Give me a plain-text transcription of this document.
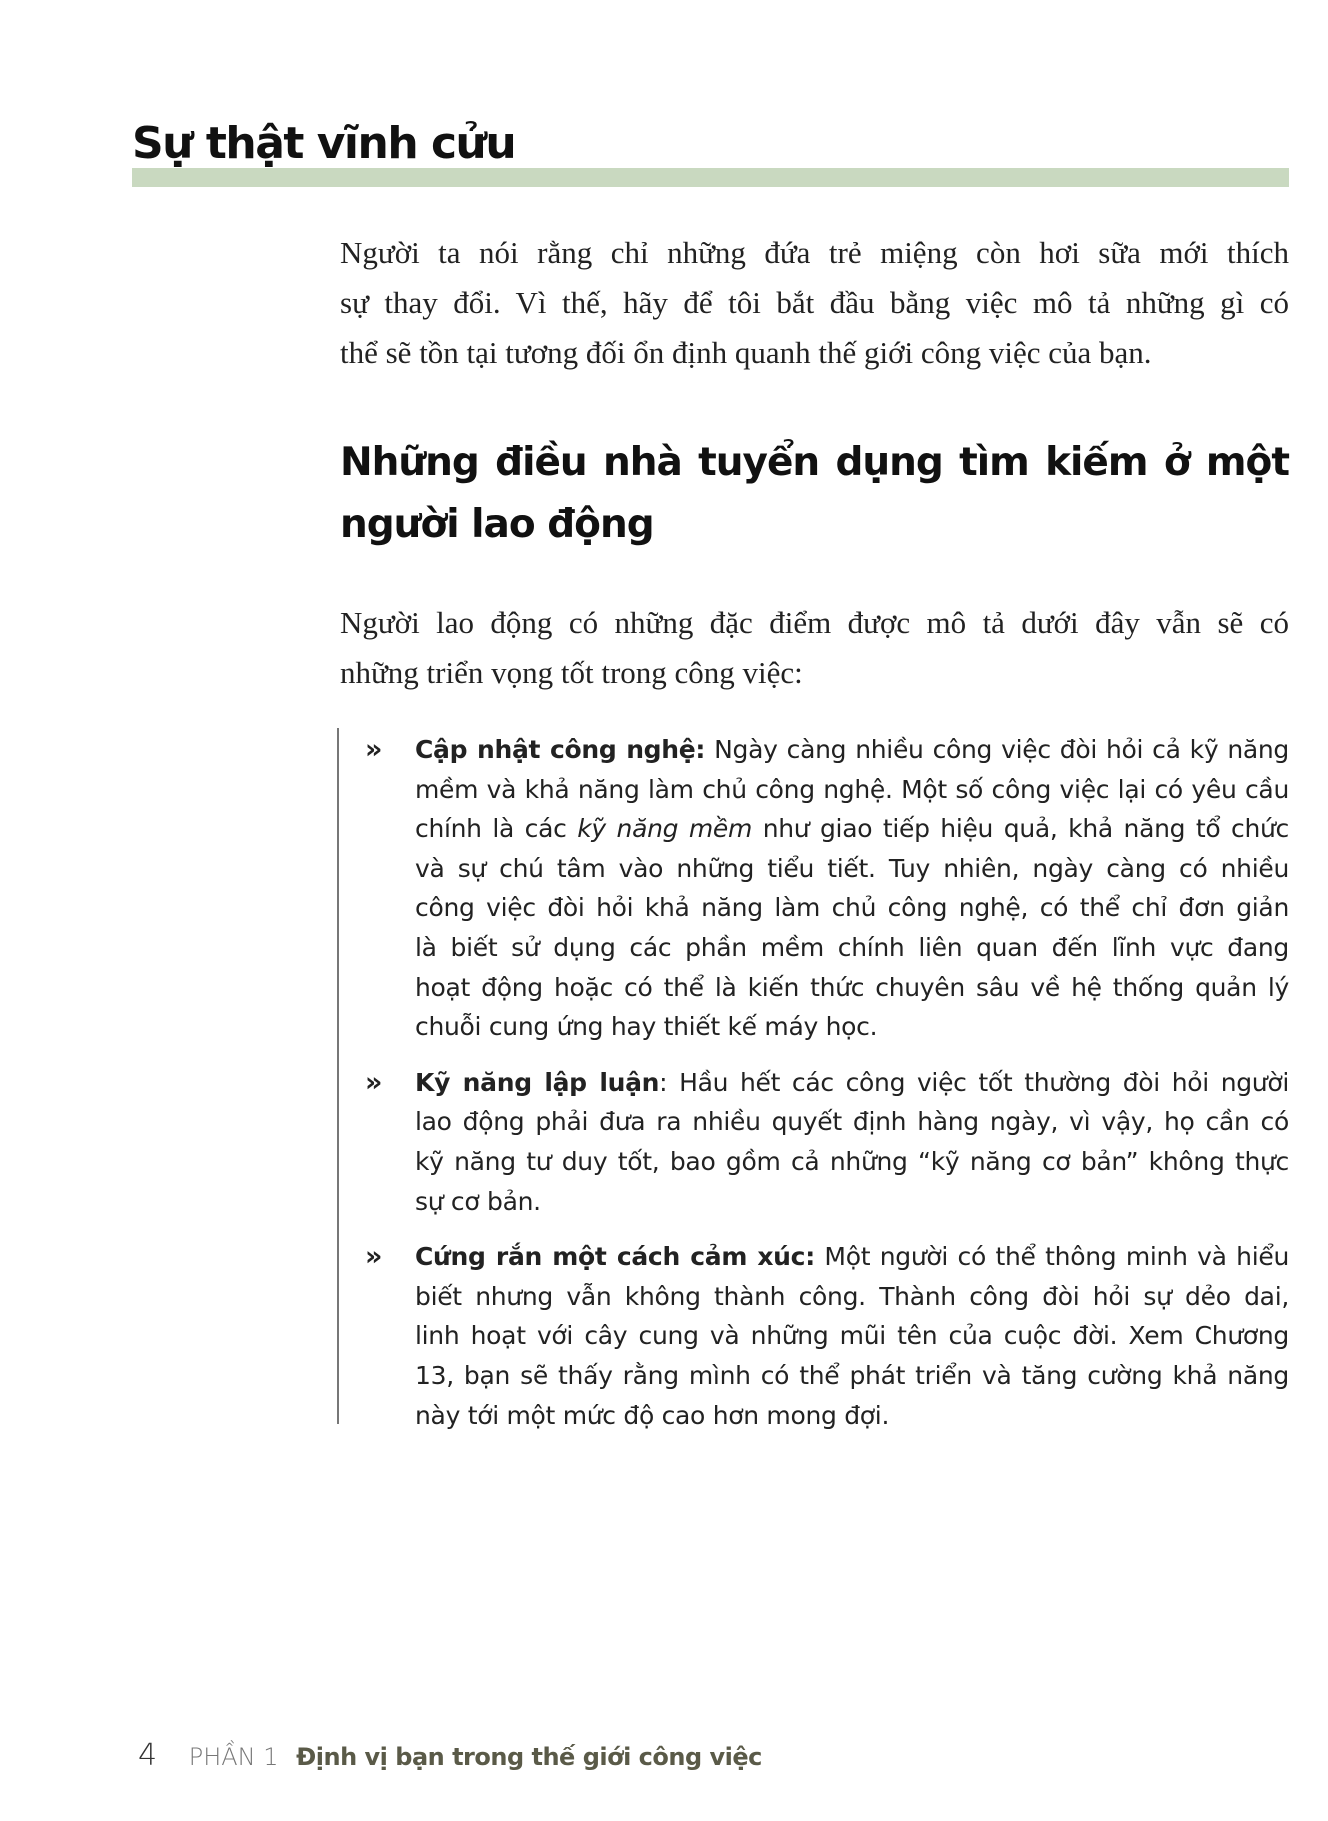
Sự thật vĩnh cửu
Người ta nói rằng chỉ những đứa trẻ miệng còn hơi sữa mới thích
sự thay đổi. Vì thế, hãy để tôi bắt đầu bằng việc mô tả những gì có
thể sẽ tồn tại tương đối ổn định quanh thế giới công việc của bạn.
Những điều nhà tuyển dụng tìm kiếm ở một
người lao động
Người lao động có những đặc điểm được mô tả dưới đây vẫn sẽ có
những triển vọng tốt trong công việc:
» Cập nhật công nghệ: Ngày càng nhiều công việc đòi hỏi cả kỹ năng
mềm và khả năng làm chủ công nghệ. Một số công việc lại có yêu cầu
chính là các kỹ năng mềm như giao tiếp hiệu quả, khả năng tổ chức
và sự chú tâm vào những tiểu tiết. Tuy nhiên, ngày càng có nhiều
công việc đòi hỏi khả năng làm chủ công nghệ, có thể chỉ đơn giản
là biết sử dụng các phần mềm chính liên quan đến lĩnh vực đang
hoạt động hoặc có thể là kiến thức chuyên sâu về hệ thống quản lý
chuỗi cung ứng hay thiết kế máy học.
» Kỹ năng lập luận: Hầu hết các công việc tốt thường đòi hỏi người
lao động phải đưa ra nhiều quyết định hàng ngày, vì vậy, họ cần có
kỹ năng tư duy tốt, bao gồm cả những “kỹ năng cơ bản” không thực
sự cơ bản.
» Cứng rắn một cách cảm xúc: Một người có thể thông minh và hiểu
biết nhưng vẫn không thành công. Thành công đòi hỏi sự dẻo dai,
linh hoạt với cây cung và những mũi tên của cuộc đời. Xem Chương
13, bạn sẽ thấy rằng mình có thể phát triển và tăng cường khả năng
này tới một mức độ cao hơn mong đợi.
4 PHẦN 1 Định vị bạn trong thế giới công việc
